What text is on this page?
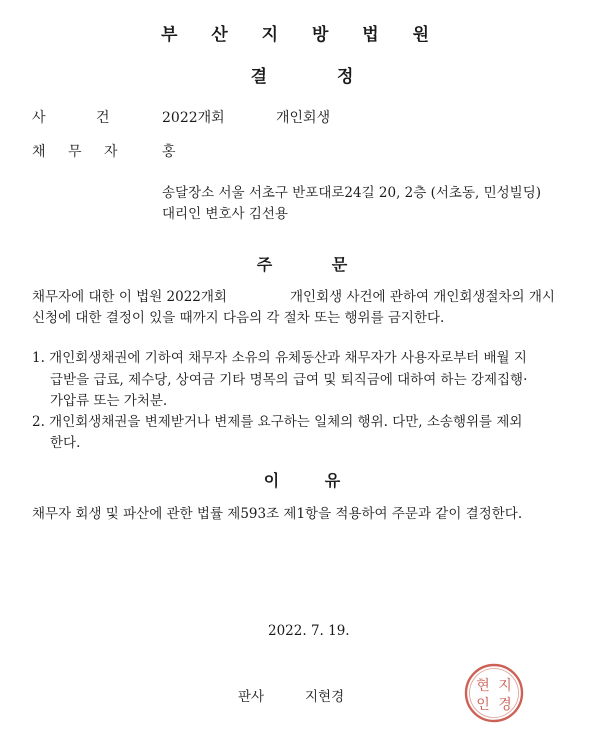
부 산 지 방 법 원
결 정
사 건	2022개회	개인회생
채 무 자	홍
송달장소 서울 서초구 반포대로24길 20, 2층 (서초동, 민성빌딩)
대리인 변호사 김선용
주 문
채무자에 대한 이 법원 2022개회	개인회생 사건에 관하여 개인회생절차의 개시
신청에 대한 결정이 있을 때까지 다음의 각 절차 또는 행위를 금지한다.
1. 개인회생채권에 기하여 채무자 소유의 유체동산과 채무자가 사용자로부터 배월 지
급받을 급료, 제수당, 상여금 기타 명목의 급여 및 퇴직금에 대하여 하는 강제집행·
가압류 또는 가처분.
2. 개인회생채권을 변제받거나 변제를 요구하는 일체의 행위. 다만, 소송행위를 제외
한다.
이 유
채무자 회생 및 파산에 관한 법률 제593조 제1항을 적용하여 주문과 같이 결정한다.
2022. 7. 19.
판사	지현경
현 지
인 경
